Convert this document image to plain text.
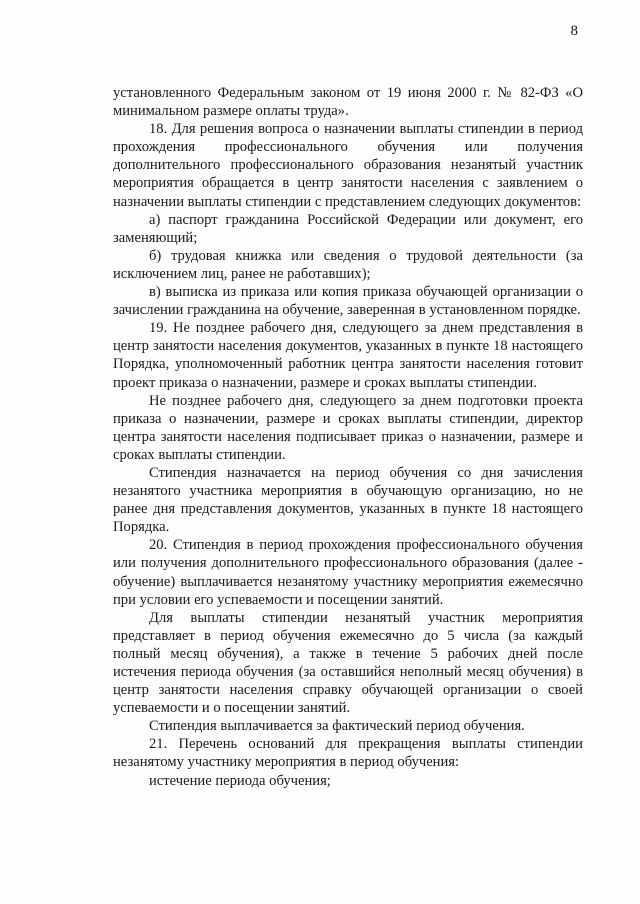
8

установленного Федеральным законом от 19 июня 2000 г. № 82-ФЗ «О минимальном размере оплаты труда».

18. Для решения вопроса о назначении выплаты стипендии в период прохождения профессионального обучения или получения дополнительного профессионального образования незанятый участник мероприятия обращается в центр занятости населения с заявлением о назначении выплаты стипендии с представлением следующих документов:

а) паспорт гражданина Российской Федерации или документ, его заменяющий;

б) трудовая книжка или сведения о трудовой деятельности (за исключением лиц, ранее не работавших);

в) выписка из приказа или копия приказа обучающей организации о зачислении гражданина на обучение, заверенная в установленном порядке.

19. Не позднее рабочего дня, следующего за днем представления в центр занятости населения документов, указанных в пункте 18 настоящего Порядка, уполномоченный работник центра занятости населения готовит проект приказа о назначении, размере и сроках выплаты стипендии.

Не позднее рабочего дня, следующего за днем подготовки проекта приказа о назначении, размере и сроках выплаты стипендии, директор центра занятости населения подписывает приказ о назначении, размере и сроках выплаты стипендии.

Стипендия назначается на период обучения со дня зачисления незанятого участника мероприятия в обучающую организацию, но не ранее дня представления документов, указанных в пункте 18 настоящего Порядка.

20. Стипендия в период прохождения профессионального обучения или получения дополнительного профессионального образования (далее - обучение) выплачивается незанятому участнику мероприятия ежемесячно при условии его успеваемости и посещении занятий.

Для выплаты стипендии незанятый участник мероприятия представляет в период обучения ежемесячно до 5 числа (за каждый полный месяц обучения), а также в течение 5 рабочих дней после истечения периода обучения (за оставшийся неполный месяц обучения) в центр занятости населения справку обучающей организации о своей успеваемости и о посещении занятий.

Стипендия выплачивается за фактический период обучения.

21. Перечень оснований для прекращения выплаты стипендии незанятому участнику мероприятия в период обучения:

истечение периода обучения;
